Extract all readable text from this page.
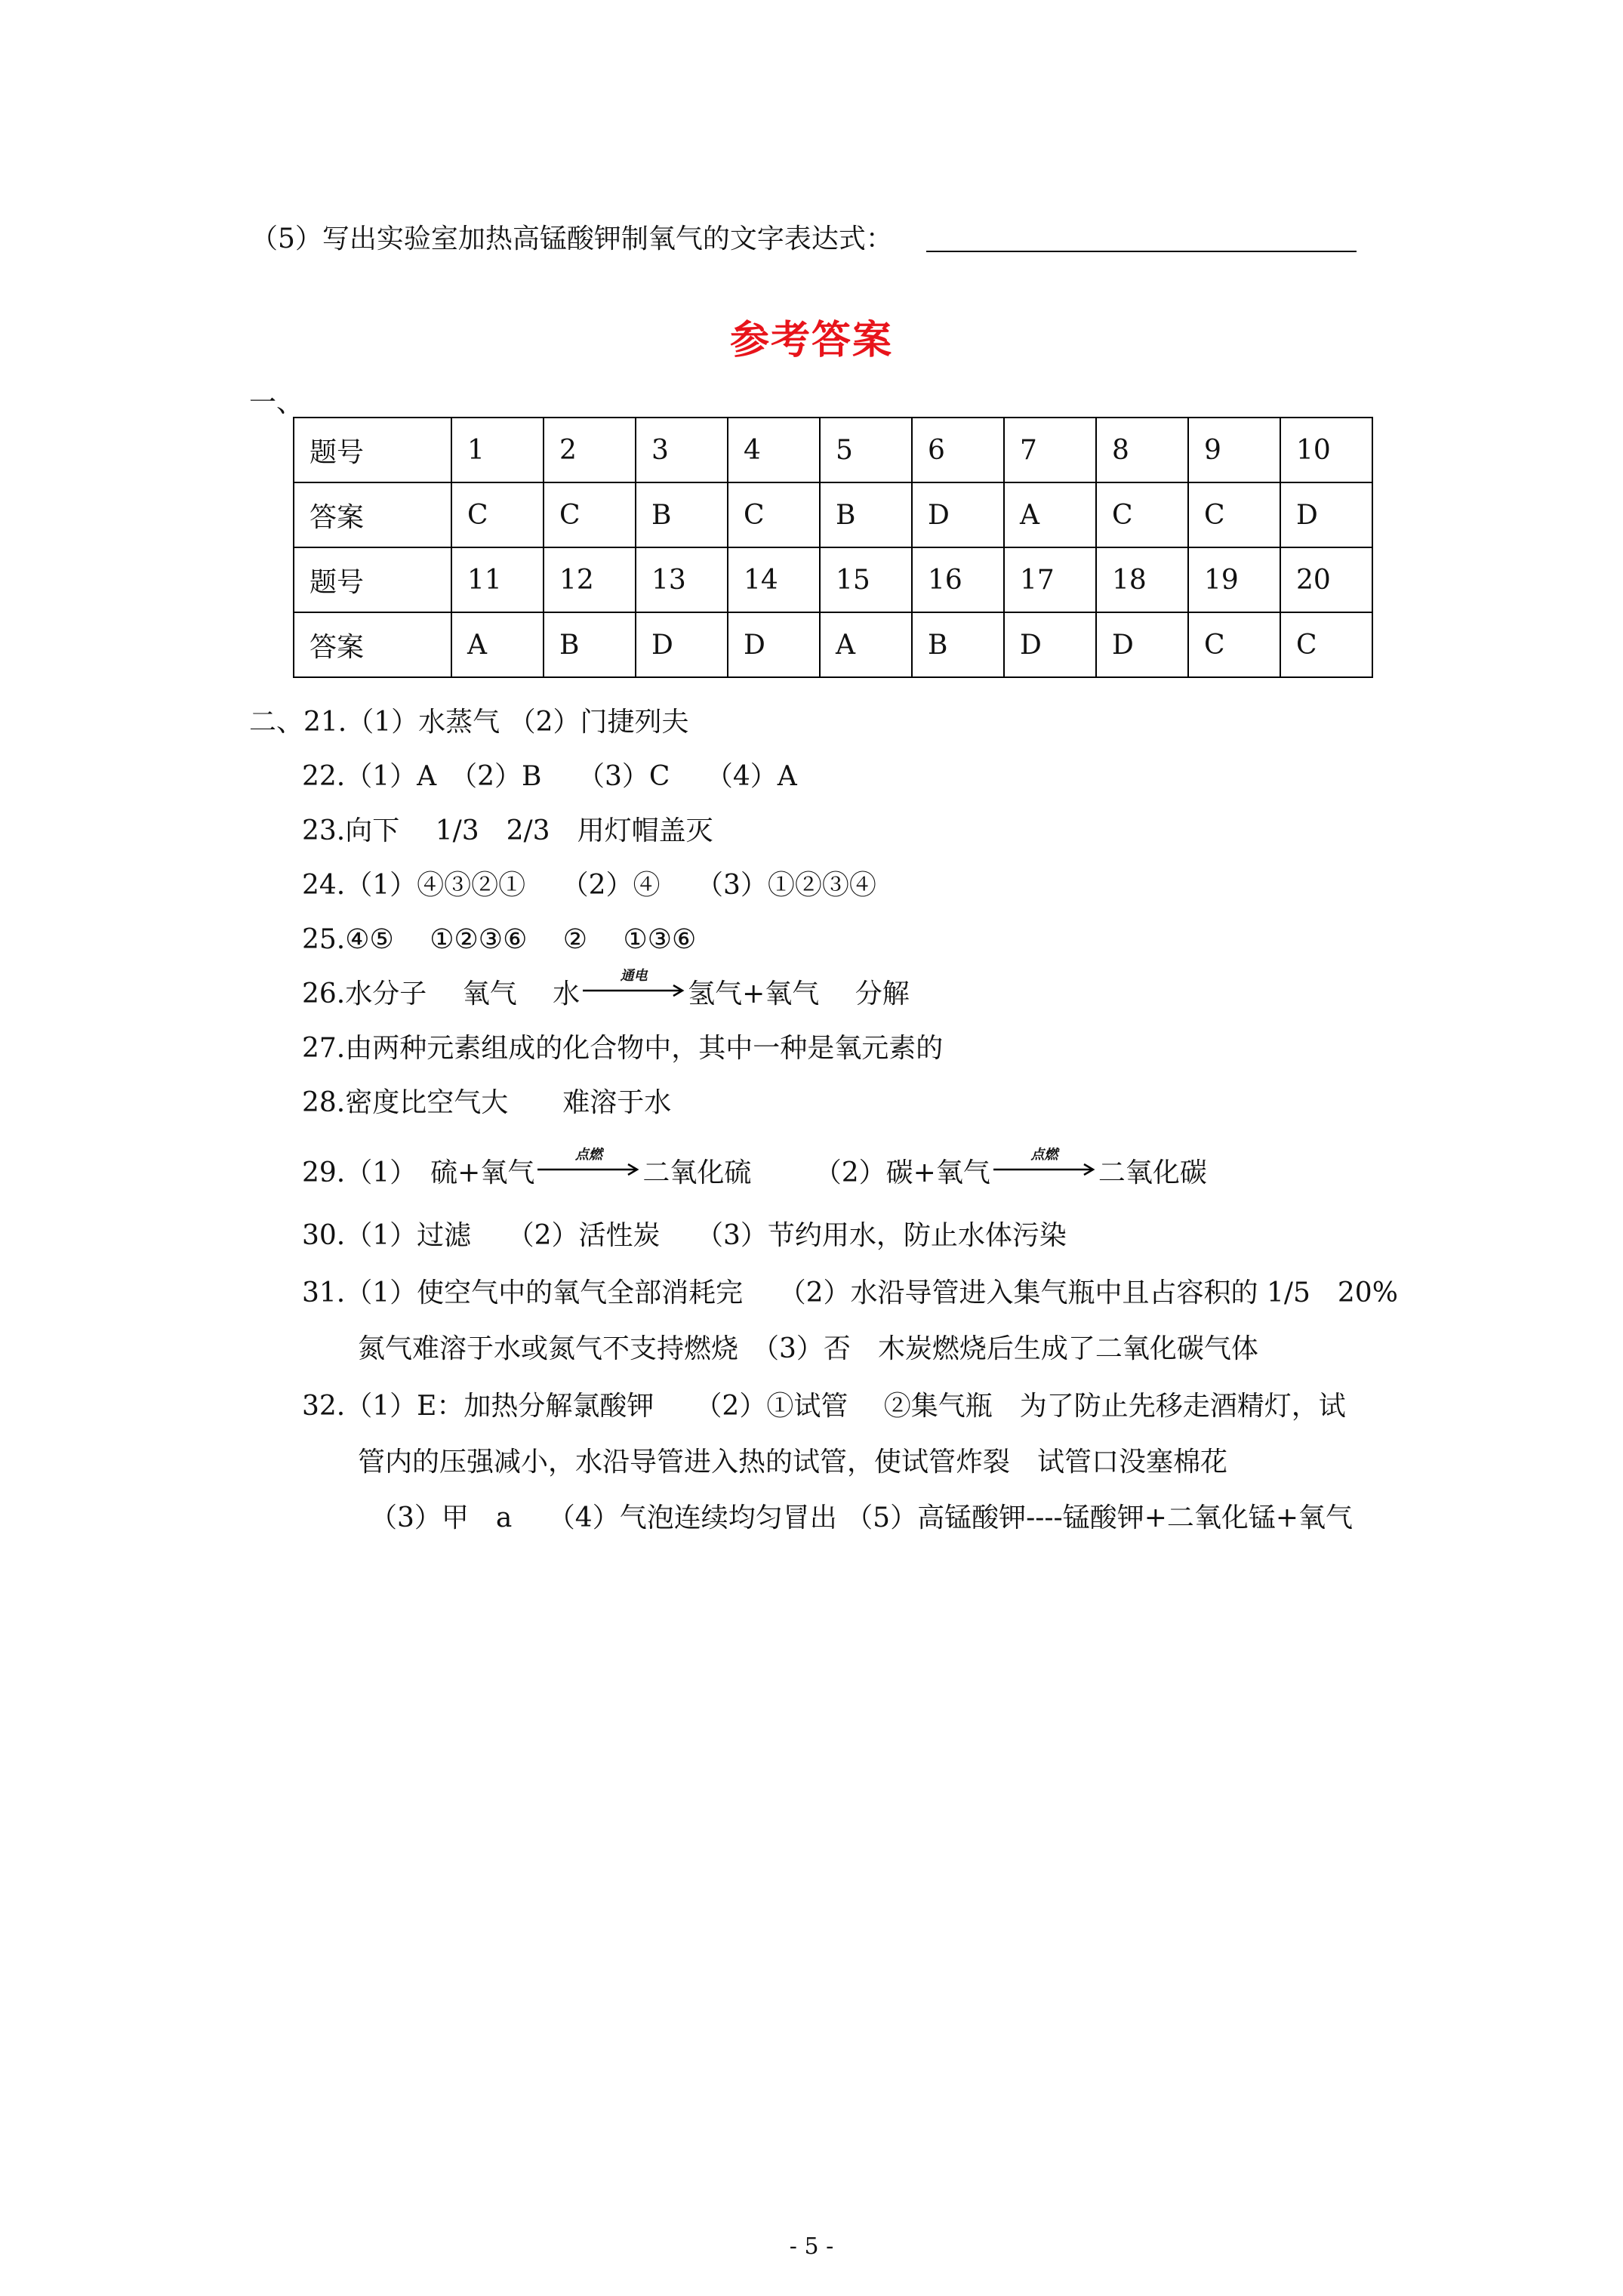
（5）写出实验室加热高锰酸钾制氧气的文字表达式：
参考答案
一、
题号	1	2	3	4	5	6	7	8	9	10
答案	C	C	B	C	B	D	A	C	C	D
题号	11	12	13	14	15	16	17	18	19	20
答案	A	B	D	D	A	B	D	D	C	C
二、21.（1）水蒸气 （2）门捷列夫
22.（1）A　（2）B　 （3）C　 （4）A
23.向下　 1/3　2/3　用灯帽盖灭
24.（1）④③②①　 （2）④　 （3）①②③④
25.④⑤　 ①②③⑥　 ②　 ①③⑥
26.水分子　 氧气　 水
通电
氢气+氧气　 分解
27.由两种元素组成的化合物中，其中一种是氧元素的
28.密度比空气大　　难溶于水
29.（1）　硫+氧气
点燃
二氧化硫　　 （2）碳+氧气
点燃
二氧化碳
30.（1）过滤　 （2）活性炭　 （3）节约用水，防止水体污染
31.（1）使空气中的氧气全部消耗完　 （2）水沿导管进入集气瓶中且占容积的 1/5　20%
氮气难溶于水或氮气不支持燃烧　（3）否　木炭燃烧后生成了二氧化碳气体
32.（1）E：加热分解氯酸钾　　（2）①试管　 ②集气瓶　为了防止先移走酒精灯，试
管内的压强减小，水沿导管进入热的试管，使试管炸裂　试管口没塞棉花
（3）甲　a　 （4）气泡连续均匀冒出 （5）高锰酸钾----锰酸钾+二氧化锰+氧气
- 5 -
